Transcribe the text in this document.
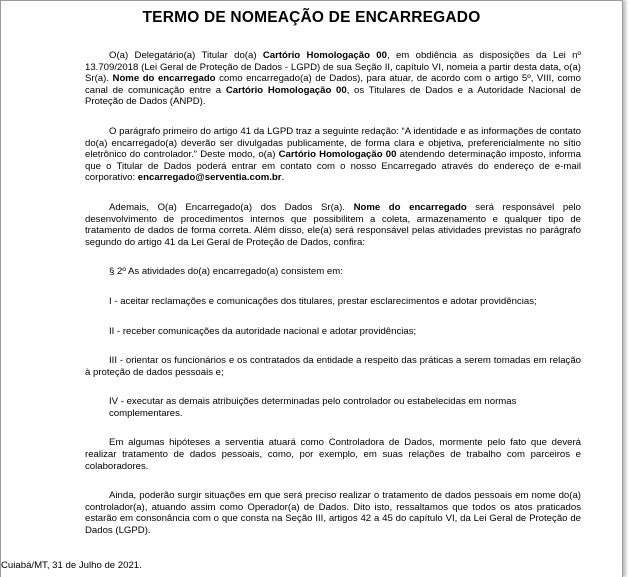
TERMO DE NOMEAÇÃO DE ENCARREGADO

O(a) Delegatário(a) Titular do(a) Cartório Homologação 00, em obdiência as disposições da Lei nº 13.709/2018 (Lei Geral de Proteção de Dados - LGPD) de sua Seção II, capítulo VI, nomeia a partir desta data, o(a) Sr(a). Nome do encarregado como encarregado(a) de Dados), para atuar, de acordo com o artigo 5º, VIII, como canal de comunicação entre a Cartório Homologação 00, os Titulares de Dados e a Autoridade Nacional de Proteção de Dados (ANPD).

O parágrafo primeiro do artigo 41 da LGPD traz a seguinte redação: “A identidade e as informações de contato do(a) encarregado(a) deverão ser divulgadas publicamente, de forma clara e objetiva, preferencialmente no sítio eletrônico do controlador.” Deste modo, o(a) Cartório Homologação 00 atendendo determinação imposto, informa que o Titular de Dados poderá entrar em contato com o nosso Encarregado através do endereço de e-mail corporativo: encarregado@serventia.com.br.

Ademais, O(a) Encarregado(a) dos Dados Sr(a). Nome do encarregado será responsável pelo desenvolvimento de procedimentos internos que possibilitem a coleta, armazenamento e qualquer tipo de tratamento de dados de forma correta. Além disso, ele(a) será responsável pelas atividades previstas no parágrafo segundo do artigo 41 da Lei Geral de Proteção de Dados, confira:

§ 2º As atividades do(a) encarregado(a) consistem em:

I - aceitar reclamações e comunicações dos titulares, prestar esclarecimentos e adotar providências;

II - receber comunicações da autoridade nacional e adotar providências;

III - orientar os funcionários e os contratados da entidade a respeito das práticas a serem tomadas em relação à proteção de dados pessoais e;

IV - executar as demais atribuições determinadas pelo controlador ou estabelecidas em normas
complementares.

Em algumas hipóteses a serventia atuará como Controladora de Dados, mormente pelo fato que deverá realizar tratamento de dados pessoais, como, por exemplo, em suas relações de trabalho com parceiros e colaboradores.

Ainda, poderão surgir situações em que será preciso realizar o tratamento de dados pessoais em nome do(a) controlador(a), atuando assim como Operador(a) de Dados. Dito isto, ressaltamos que todos os atos praticados estarão em consonância com o que consta na Seção III, artigos 42 a 45 do capítulo VI, da Lei Geral de Proteção de Dados (LGPD).

Cuiabá/MT, 31 de Julho de 2021.
